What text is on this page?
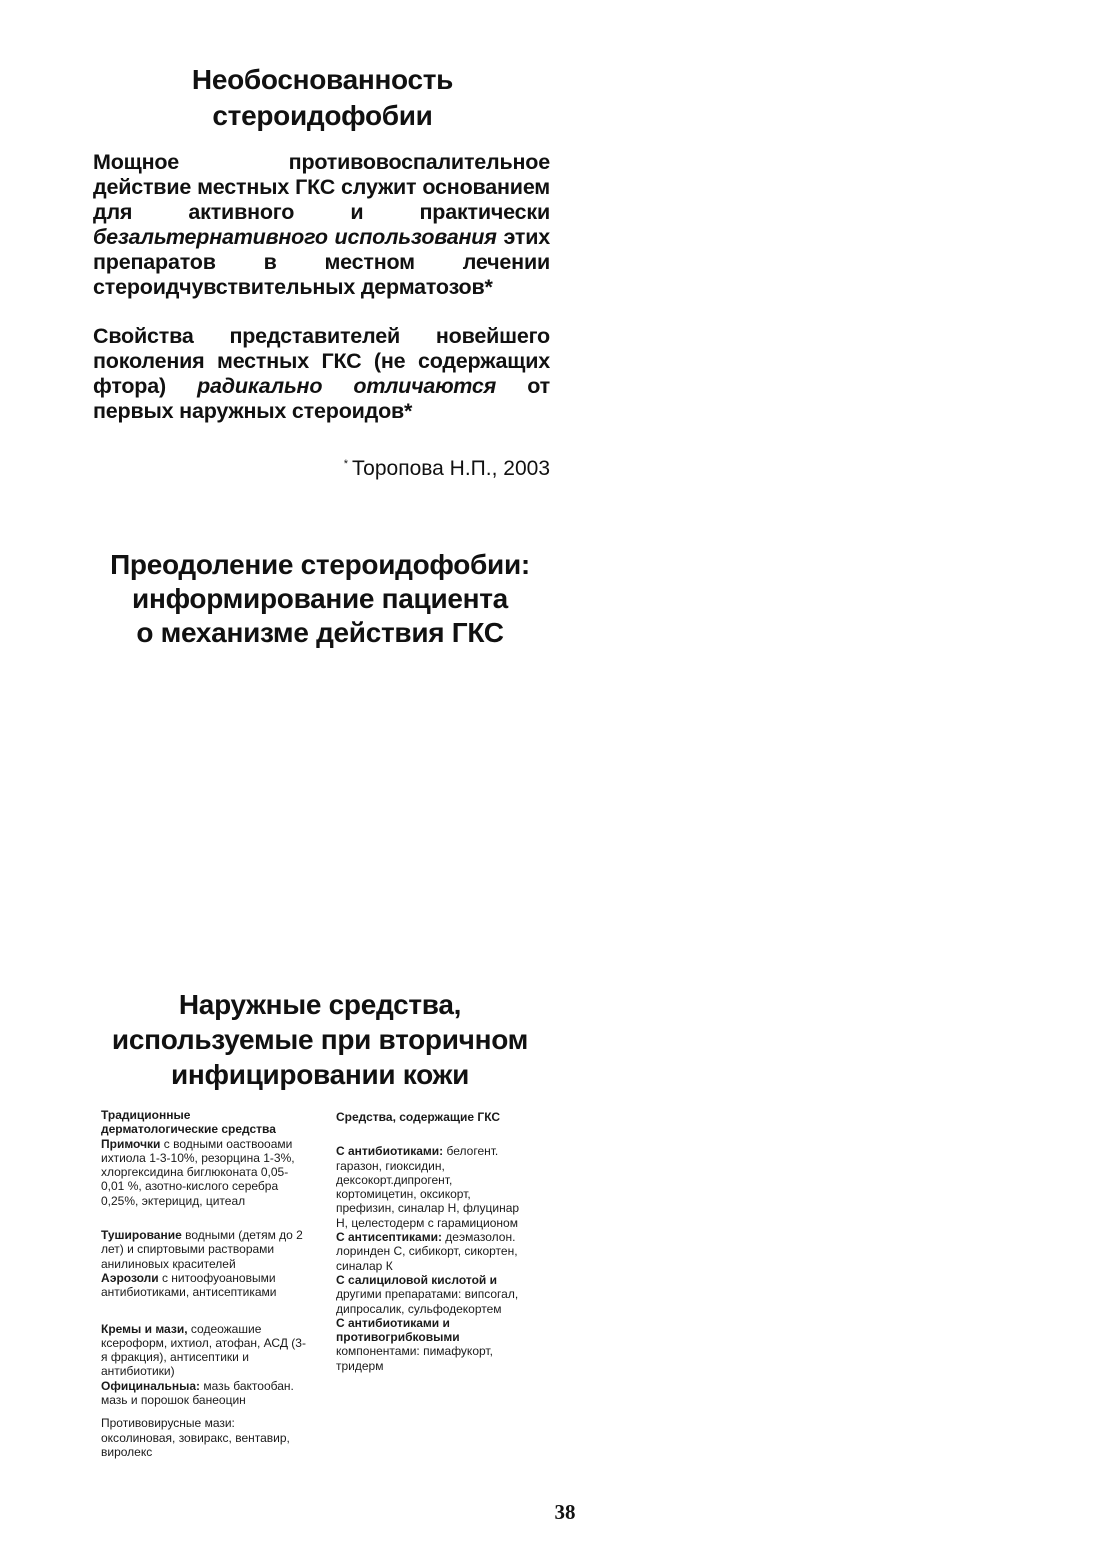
Необоснованность
стероидофобии
Мощное противовоспалительное действие местных ГКС служит основанием для активного и практически безальтернативного использования этих препаратов в местном лечении стероидчувствительных дерматозов*
Свойства представителей новейшего поколения местных ГКС (не содержащих фтора) радикально отличаются от первых наружных стероидов*
* Торопова Н.П., 2003
Преодоление стероидофобии:
информирование пациента
о механизме действия ГКС
Наружные средства,
используемые при вторичном
инфицировании кожи
Традиционные дерматологические средства
Примочки с водными оаствооами ихтиола 1-3-10%, резорцина 1-3%, хлоргексидина биглюконата 0,05-0,01 %, азотно-кислого серебра 0,25%, эктерицид, цитеал
Туширование водными (детям до 2 лет) и спиртовыми растворами анилиновых красителей
Аэрозоли с нитоофуоановыми антибиотиками, антисептиками
Кремы и мази, содеожашие ксероформ, ихтиол, атофан, АСД (3-я фракция), антисептики и антибиотики)
Официнальныа: мазь бактообан. мазь и порошок банеоцин
Противовирусные мази: оксолиновая, зовиракс, вентавир, виролекс
Средства, содержащие ГКС
С антибиотиками: белогент. гаразон, гиоксидин, дексокорт.дипрогент, кортомицетин, оксикорт, префизин, синалар Н, флуцинар Н, целестодерм с гарамиционом
С антисептиками: деэмазолон. лоринден С, сибикорт, сикортен, синалар К
С салициловой кислотой и другими препаратами: випсогал, дипросалик, сульфодекортем
С антибиотиками и противогрибковыми компонентами: пимафукорт, тридерм
38
